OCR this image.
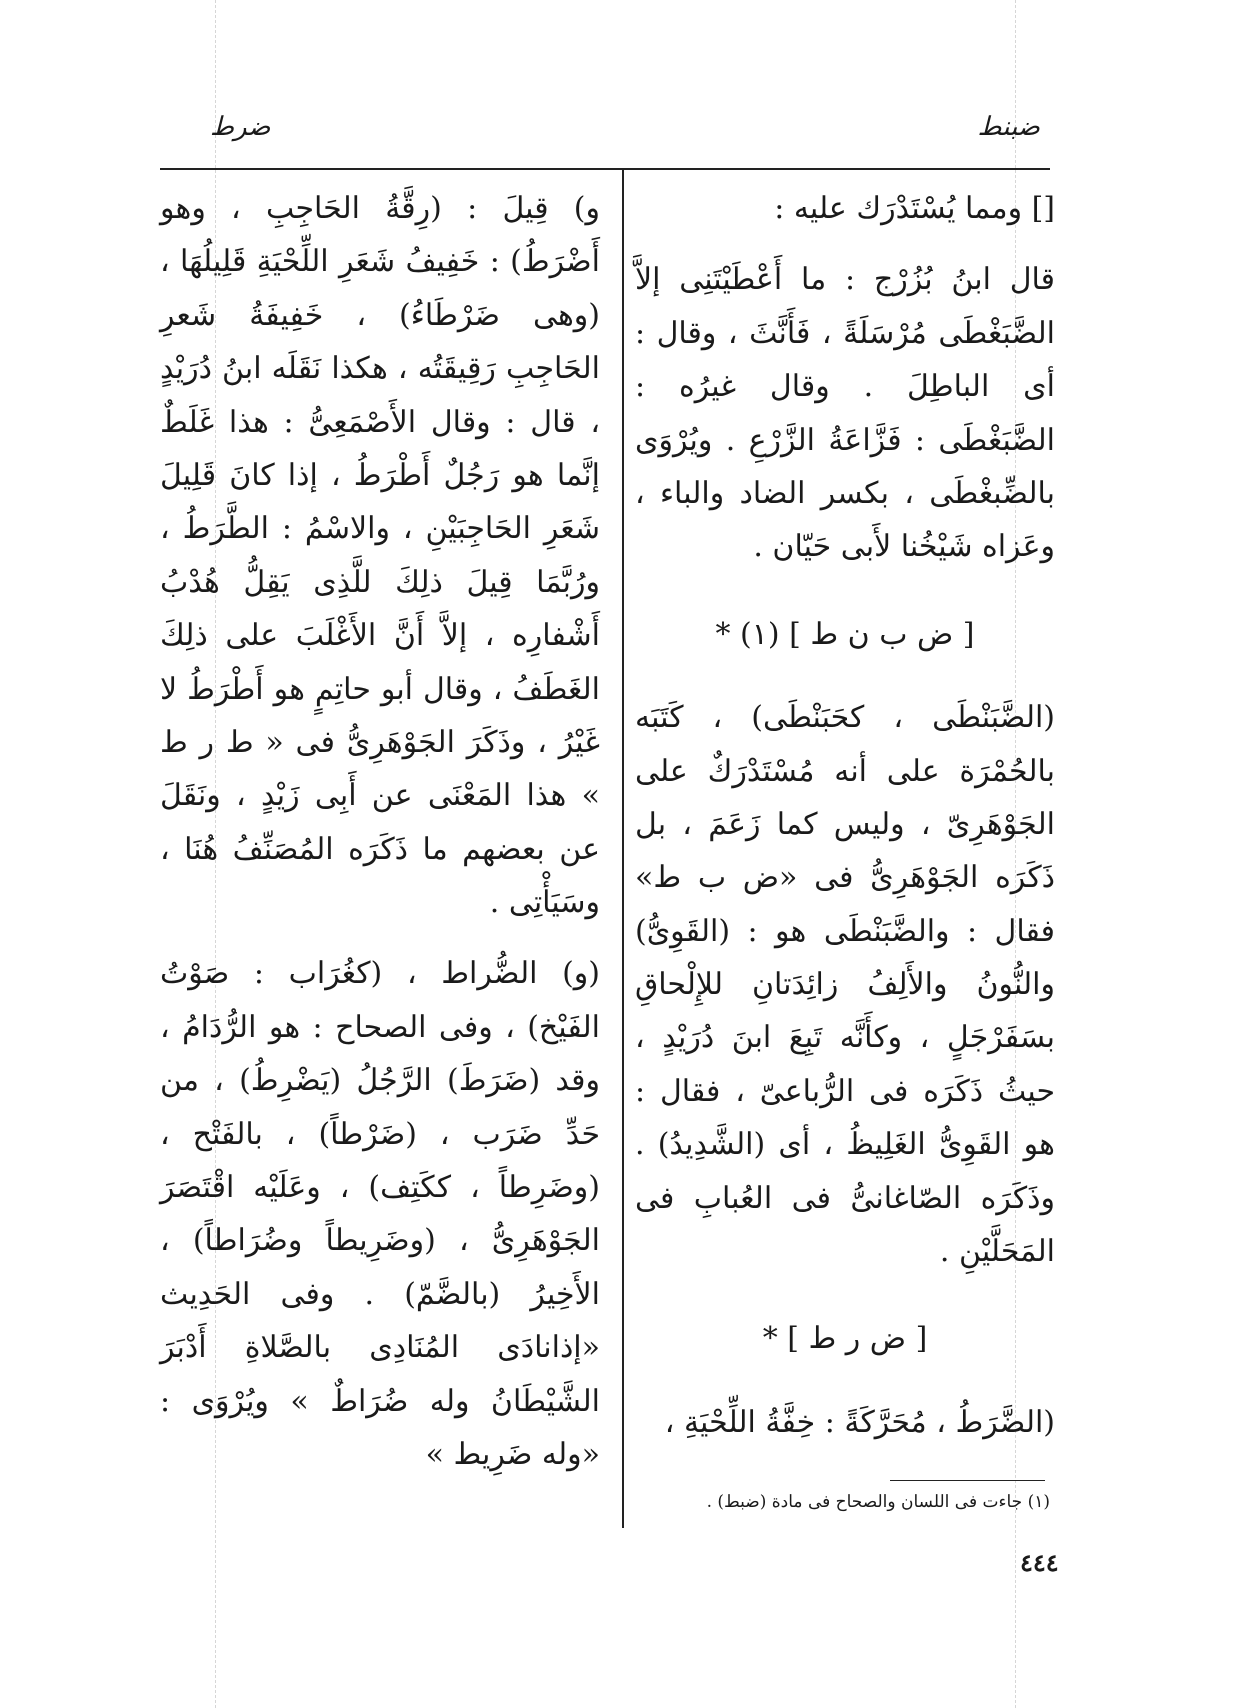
ضبنط
ضرط

[] ومما يُسْتَدْرَك عليه :

قال ابنُ بُزُرْج : ما أَعْطَيْتَنِى إلاَّ الضَّبَغْطَى مُرْسَلَةً ، فَأَنَّثَ ، وقال : أى الباطِلَ . وقال غيرُه : الضَّبَغْطَى : فَزَّاعَةُ الزَّرْعِ . ويُرْوَى بالضِّبغْطَى ، بكسر الضاد والباء ، وعَزاه شَيْخُنا لأَبى حَيّان .

[ ض ب ن ط ] (١) *

(الضَّبَنْطَى ، كحَبَنْطَى) ، كَتَبَه بالحُمْرَة على أنه مُسْتَدْرَكٌ على الجَوْهَرِىّ ، وليس كما زَعَمَ ، بل ذَكَرَه الجَوْهَرِىُّ فى «ض ب ط» فقال : والضَّبَنْطَى هو : (القَوِىُّ) والنُّونُ والأَلِفُ زائِدَتانِ للإِلْحاقِ بسَفَرْجَلٍ ، وكأَنَّه تَبِعَ ابنَ دُرَيْدٍ ، حيثُ ذَكَرَه فى الرُّباعىّ ، فقال : هو القَوِىُّ الغَلِيظُ ، أى (الشَّدِيدُ) . وذَكَرَه الصّاغانىُّ فى العُبابِ فى المَحَلَّيْنِ .

[ ض ر ط ] *

(الضَّرَطُ ، مُحَرَّكَةً : خِفَّةُ اللِّحْيَةِ ،

و) قِيلَ : (رِقَّةُ الحَاجِبِ ، وهو أَضْرَطُ) : خَفِيفُ شَعَرِ اللِّحْيَةِ قَلِيلُهَا ، (وهى ضَرْطَاءُ) ، خَفِيفَةُ شَعرِ الحَاجِبِ رَقِيقَتُه ، هكذا نَقَلَه ابنُ دُرَيْدٍ ، قال : وقال الأَصْمَعِىُّ : هذا غَلَطٌ إنَّما هو رَجُلٌ أَطْرَطُ ، إذا كانَ قَلِيلَ شَعَرِ الحَاجِبَيْنِ ، والاسْمُ : الطَّرَطُ ، ورُبَّمَا قِيلَ ذلِكَ للَّذِى يَقِلُّ هُدْبُ أَشْفارِه ، إلاَّ أَنَّ الأَغْلَبَ على ذلِكَ الغَطَفُ ، وقال أبو حاتِمٍ هو أَطْرَطُ لا غَيْرُ ، وذَكَرَ الجَوْهَرِىُّ فى « ط ر ط » هذا المَعْنَى عن أَبِى زَيْدٍ ، ونَقَلَ عن بعضهم ما ذَكَرَه المُصَنِّفُ هُنَا ، وسَيَأْتِى .

(و) الضُّراط ، (كغُرَاب : صَوْتُ الفَيْخ) ، وفى الصحاح : هو الرُّدَامُ ، وقد (ضَرَطَ) الرَّجُلُ (يَضْرِطُ) ، من حَدِّ ضَرَب ، (ضَرْطاً) ، بالفَتْح ، (وضَرِطاً ، ككَتِف) ، وعَلَيْه اقْتَصَرَ الجَوْهَرِىُّ ، (وضَرِيطاً وضُرَاطاً) ، الأَخِيرُ (بالضَّمّ) . وفى الحَدِيث «إذانادَى المُنَادِى بالصَّلاةِ أَدْبَرَ الشَّيْطَانُ وله ضُرَاطٌ » ويُرْوَى : «وله ضَرِيط »

(١) جاءت فى اللسان والصحاح فى مادة (ضبط) .
٤٤٤
